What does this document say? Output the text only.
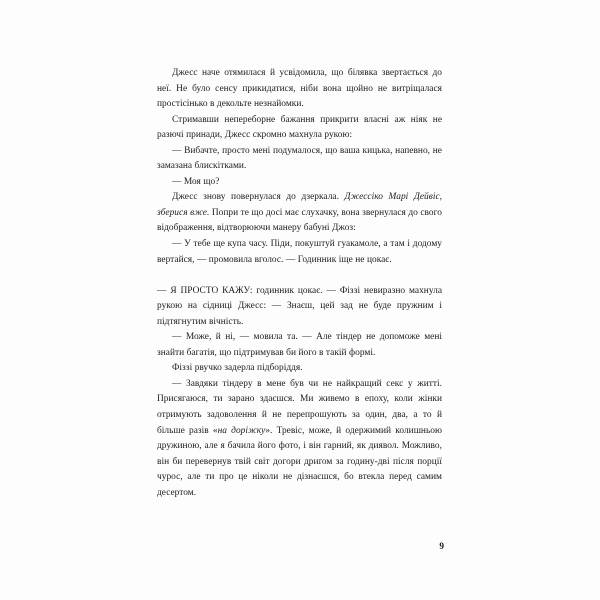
Джесс наче отямилася й усвідомила, що білявка звертається до неї. Не було сенсу прикидатися, ніби вона щойно не витріщалася простісінько в декольте незнайомки.

Стримавши непереборне бажання прикрити власні аж ніяк не разючі принади, Джесс скромно махнула рукою:

— Вибачте, просто мені подумалося, що ваша кицька, напевно, не замазана блискітками.

— Моя що?

Джесс знову повернулася до дзеркала. Джессіко Марі Дейвіс, зберися вже. Попри те що досі має слухачку, вона звернулася до свого відображення, відтворюючи манеру бабуні Джоз:

— У тебе ще купа часу. Піди, покуштуй гуакамоле, а там і додому вертайся, — промовила вголос. — Годинник іще не цокає.

— Я ПРОСТО КАЖУ: годинник цокає. — Фіззі невиразно махнула рукою на сідниці Джесс: — Знаєш, цей зад не буде пружним і підтягнутим вічність.

— Може, й ні, — мовила та. — Але тіндер не допоможе мені знайти багатія, що підтримував би його в такій формі.

Фіззі рвучко задерла підборіддя.

— Завдяки тіндеру в мене був чи не найкращий секс у житті. Присягаюся, ти зарано здаєшся. Ми живемо в епоху, коли жінки отримують задоволення й не перепрошують за один, два, а то й більше разів «на доріжку». Тревіс, може, й одержимий колишньою дружиною, але я бачила його фото, і він гарний, як диявол. Можливо, він би перевернув твій світ догори дриґом за годину-дві після порції чурос, але ти про це ніколи не дізнаєшся, бо втекла перед самим десертом.

9
